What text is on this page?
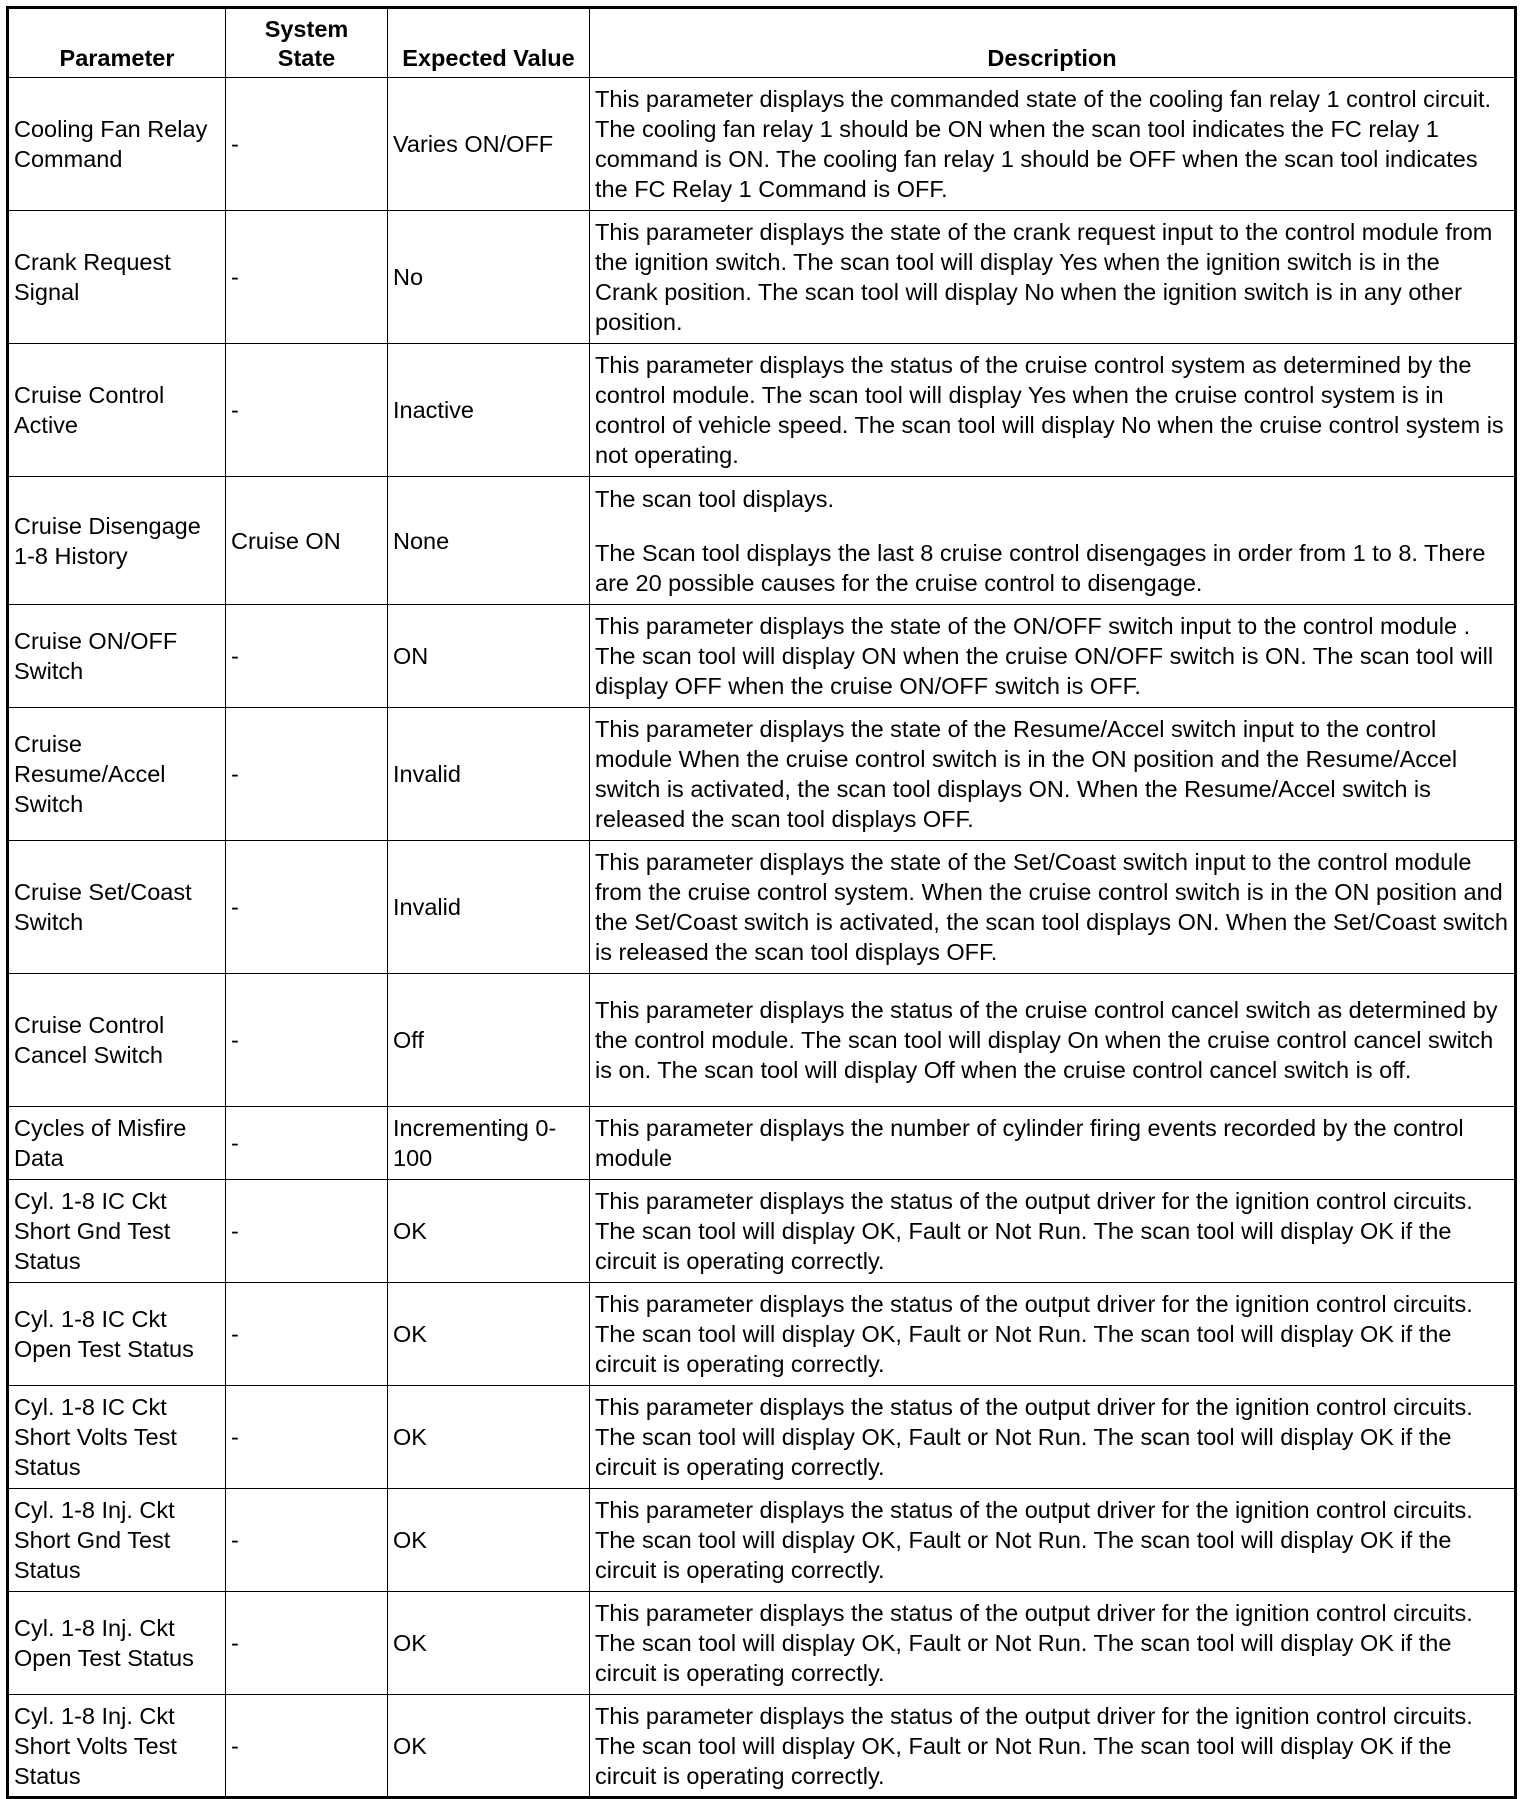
Parameter	System State	Expected Value	Description
Cooling Fan Relay Command	-	Varies ON/OFF	This parameter displays the commanded state of the cooling fan relay 1 control circuit. The cooling fan relay 1 should be ON when the scan tool indicates the FC relay 1 command is ON. The cooling fan relay 1 should be OFF when the scan tool indicates the FC Relay 1 Command is OFF.
Crank Request Signal	-	No	This parameter displays the state of the crank request input to the control module from the ignition switch. The scan tool will display Yes when the ignition switch is in the Crank position. The scan tool will display No when the ignition switch is in any other position.
Cruise Control Active	-	Inactive	This parameter displays the status of the cruise control system as determined by the control module. The scan tool will display Yes when the cruise control system is in control of vehicle speed. The scan tool will display No when the cruise control system is not operating.
Cruise Disengage 1-8 History	Cruise ON	None	The scan tool displays.
The Scan tool displays the last 8 cruise control disengages in order from 1 to 8. There are 20 possible causes for the cruise control to disengage.

Cruise ON/OFF Switch	-	ON	This parameter displays the state of the ON/OFF switch input to the control module . The scan tool will display ON when the cruise ON/OFF switch is ON. The scan tool will display OFF when the cruise ON/OFF switch is OFF.
Cruise Resume/Accel Switch	-	Invalid	This parameter displays the state of the Resume/Accel switch input to the control module When the cruise control switch is in the ON position and the Resume/Accel switch is activated, the scan tool displays ON. When the Resume/Accel switch is released the scan tool displays OFF.
Cruise Set/Coast Switch	-	Invalid	This parameter displays the state of the Set/Coast switch input to the control module from the cruise control system. When the cruise control switch is in the ON position and the Set/Coast switch is activated, the scan tool displays ON. When the Set/Coast switch is released the scan tool displays OFF.
Cruise Control Cancel Switch	-	Off	This parameter displays the status of the cruise control cancel switch as determined by the control module. The scan tool will display On when the cruise control cancel switch is on. The scan tool will display Off when the cruise control cancel switch is off.
Cycles of Misfire Data	-	Incrementing 0-100	This parameter displays the number of cylinder firing events recorded by the control module
Cyl. 1-8 IC Ckt Short Gnd Test Status	-	OK	This parameter displays the status of the output driver for the ignition control circuits. The scan tool will display OK, Fault or Not Run. The scan tool will display OK if the circuit is operating correctly.
Cyl. 1-8 IC Ckt Open Test Status	-	OK	This parameter displays the status of the output driver for the ignition control circuits. The scan tool will display OK, Fault or Not Run. The scan tool will display OK if the circuit is operating correctly.
Cyl. 1-8 IC Ckt Short Volts Test Status	-	OK	This parameter displays the status of the output driver for the ignition control circuits. The scan tool will display OK, Fault or Not Run. The scan tool will display OK if the circuit is operating correctly.
Cyl. 1-8 Inj. Ckt Short Gnd Test Status	-	OK	This parameter displays the status of the output driver for the ignition control circuits. The scan tool will display OK, Fault or Not Run. The scan tool will display OK if the circuit is operating correctly.
Cyl. 1-8 Inj. Ckt Open Test Status	-	OK	This parameter displays the status of the output driver for the ignition control circuits. The scan tool will display OK, Fault or Not Run. The scan tool will display OK if the circuit is operating correctly.
Cyl. 1-8 Inj. Ckt Short Volts Test Status	-	OK	This parameter displays the status of the output driver for the ignition control circuits. The scan tool will display OK, Fault or Not Run. The scan tool will display OK if the circuit is operating correctly.
